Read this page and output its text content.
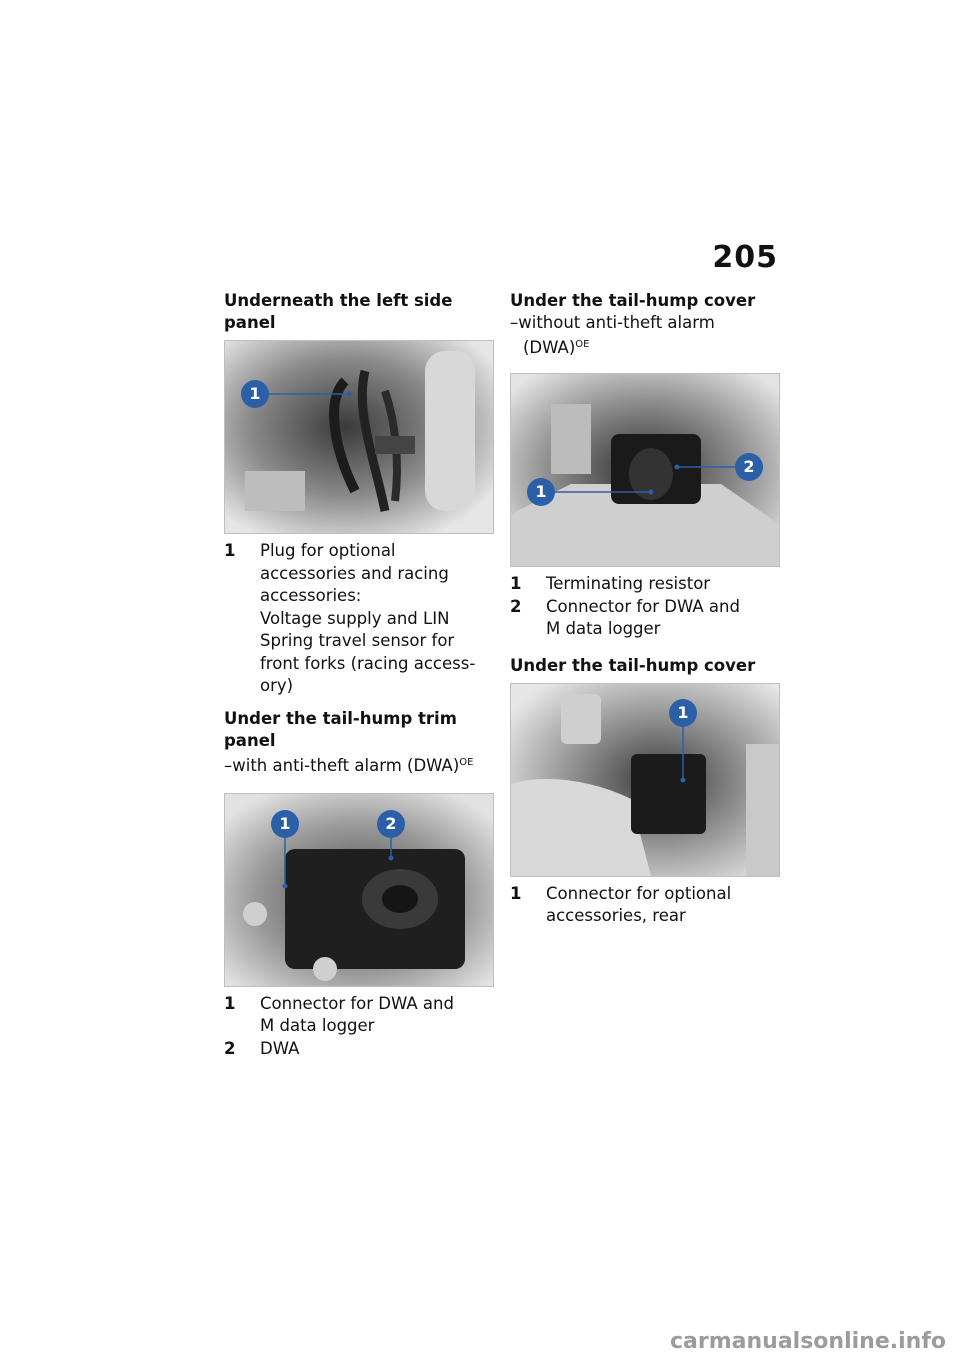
205

Underneath the left side panel

1
1	Plug for optional
accessories and racing
accessories:
Voltage supply and LIN
Spring travel sensor for
front forks (racing access-
ory)

Under the tail-hump trim

panel

–with anti-theft alarm (DWA)$^{OE}$

1	2
1	Connector for DWA and
M data logger
2	DWA

Under the tail-hump cover

–without anti-theft alarm

(DWA)$^{OE}$

1
2
1	Terminating resistor
2	Connector for DWA and
M data logger

Under the tail-hump cover

1
1	Connector for optional
accessories, rear
carmanualsonline.info
